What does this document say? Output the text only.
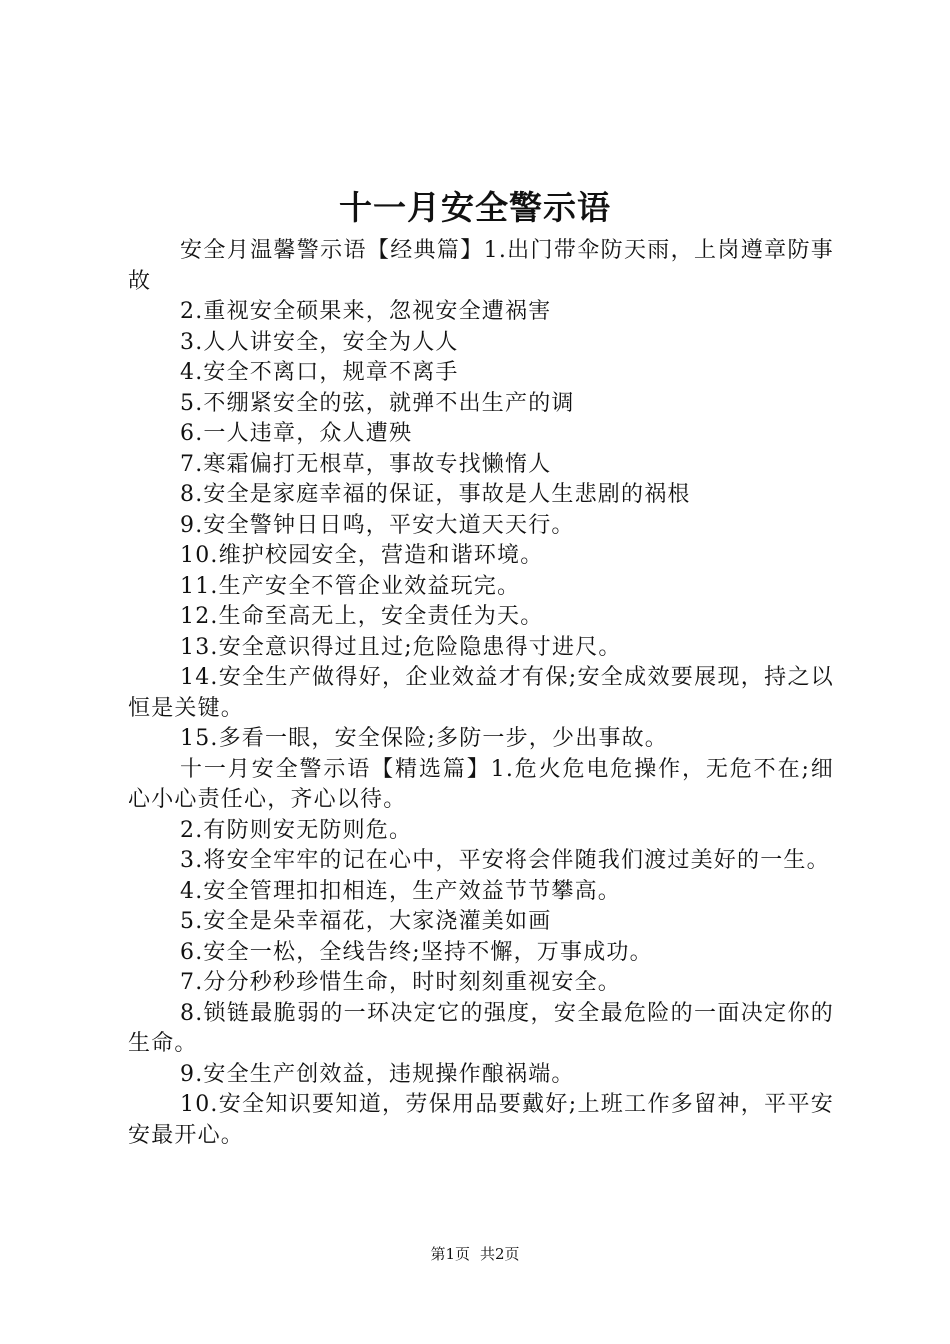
十一月安全警示语

安全月温馨警示语【经典篇】1.出门带伞防天雨，上岗遵章防事故

2.重视安全硕果来，忽视安全遭祸害

3.人人讲安全，安全为人人

4.安全不离口，规章不离手

5.不绷紧安全的弦，就弹不出生产的调

6.一人违章，众人遭殃

7.寒霜偏打无根草，事故专找懒惰人

8.安全是家庭幸福的保证，事故是人生悲剧的祸根

9.安全警钟日日鸣，平安大道天天行。

10.维护校园安全，营造和谐环境。

11.生产安全不管企业效益玩完。

12.生命至高无上，安全责任为天。

13.安全意识得过且过;危险隐患得寸进尺。

14.安全生产做得好，企业效益才有保;安全成效要展现，持之以恒是关键。

15.多看一眼，安全保险;多防一步，少出事故。

十一月安全警示语【精选篇】1.危火危电危操作，无危不在;细心小心责任心，齐心以待。

2.有防则安无防则危。

3.将安全牢牢的记在心中，平安将会伴随我们渡过美好的一生。

4.安全管理扣扣相连，生产效益节节攀高。

5.安全是朵幸福花，大家浇灌美如画

6.安全一松，全线告终;坚持不懈，万事成功。

7.分分秒秒珍惜生命，时时刻刻重视安全。

8.锁链最脆弱的一环决定它的强度，安全最危险的一面决定你的生命。

9.安全生产创效益，违规操作酿祸端。

10.安全知识要知道，劳保用品要戴好;上班工作多留神，平平安安最开心。

第1页 共2页
